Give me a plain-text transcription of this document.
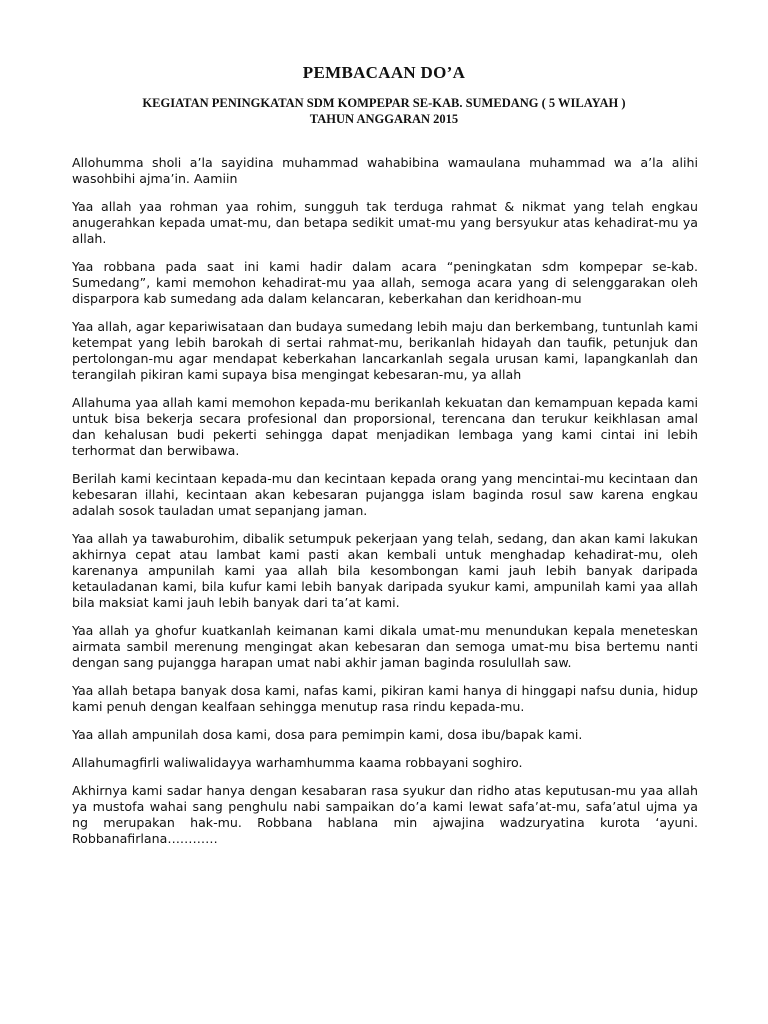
PEMBACAAN DO’A
KEGIATAN PENINGKATAN SDM KOMPEPAR SE-KAB. SUMEDANG ( 5 WILAYAH )
TAHUN ANGGARAN 2015

Allohumma sholi a’la sayidina muhammad wahabibina wamaulana muhammad wa a’la alihi wasohbihi ajma’in. Aamiin

Yaa allah yaa rohman yaa rohim, sungguh tak terduga rahmat & nikmat yang telah engkau anugerahkan kepada umat-mu, dan betapa sedikit umat-mu yang bersyukur atas kehadirat-mu ya allah.

Yaa robbana pada saat ini kami hadir dalam acara “peningkatan sdm kompepar se-kab. Sumedang”, kami memohon kehadirat-mu yaa allah, semoga acara yang di selenggarakan oleh disparpora kab sumedang ada dalam kelancaran, keberkahan dan keridhoan-mu

Yaa allah, agar kepariwisataan dan budaya sumedang lebih maju dan berkembang, tuntunlah kami ketempat yang lebih barokah di sertai rahmat-mu, berikanlah hidayah dan taufik, petunjuk dan pertolongan-mu agar mendapat keberkahan lancarkanlah segala urusan kami, lapangkanlah dan terangilah pikiran kami supaya bisa mengingat kebesaran-mu, ya allah

Allahuma yaa allah kami memohon kepada-mu berikanlah kekuatan dan kemampuan kepada kami untuk bisa bekerja secara profesional dan proporsional, terencana dan terukur keikhlasan amal dan kehalusan budi pekerti sehingga dapat menjadikan lembaga yang kami cintai ini lebih terhormat dan berwibawa.

Berilah kami kecintaan kepada-mu dan kecintaan kepada orang yang mencintai-mu kecintaan dan kebesaran illahi, kecintaan akan kebesaran pujangga islam baginda rosul saw karena engkau adalah sosok tauladan umat sepanjang jaman.

Yaa allah ya tawaburohim, dibalik setumpuk pekerjaan yang telah, sedang, dan akan kami lakukan akhirnya cepat atau lambat kami pasti akan kembali untuk menghadap kehadirat-mu, oleh karenanya ampunilah kami yaa allah bila kesombongan kami jauh lebih banyak daripada ketauladanan kami, bila kufur kami lebih banyak daripada syukur kami, ampunilah kami yaa allah bila maksiat kami jauh lebih banyak dari ta’at kami.

Yaa allah ya ghofur kuatkanlah keimanan kami dikala umat-mu menundukan kepala meneteskan airmata sambil merenung mengingat akan kebesaran dan semoga umat-mu bisa bertemu nanti dengan sang pujangga harapan umat nabi akhir jaman baginda rosulullah saw.

Yaa allah betapa banyak dosa kami, nafas kami, pikiran kami hanya di hinggapi nafsu dunia, hidup kami penuh dengan kealfaan sehingga menutup rasa rindu kepada-mu.

Yaa allah ampunilah dosa kami, dosa para pemimpin kami, dosa ibu/bapak kami.

Allahumagfirli waliwalidayya warhamhumma kaama robbayani soghiro.

Akhirnya kami sadar hanya dengan kesabaran rasa syukur dan ridho atas keputusan-mu yaa allah ya mustofa wahai sang penghulu nabi sampaikan do’a kami lewat safa’at-mu, safa’atul ujma ya ng merupakan hak-mu. Robbana hablana min ajwajina wadzuryatina kurota ‘ayuni. Robbanafirlana…………
